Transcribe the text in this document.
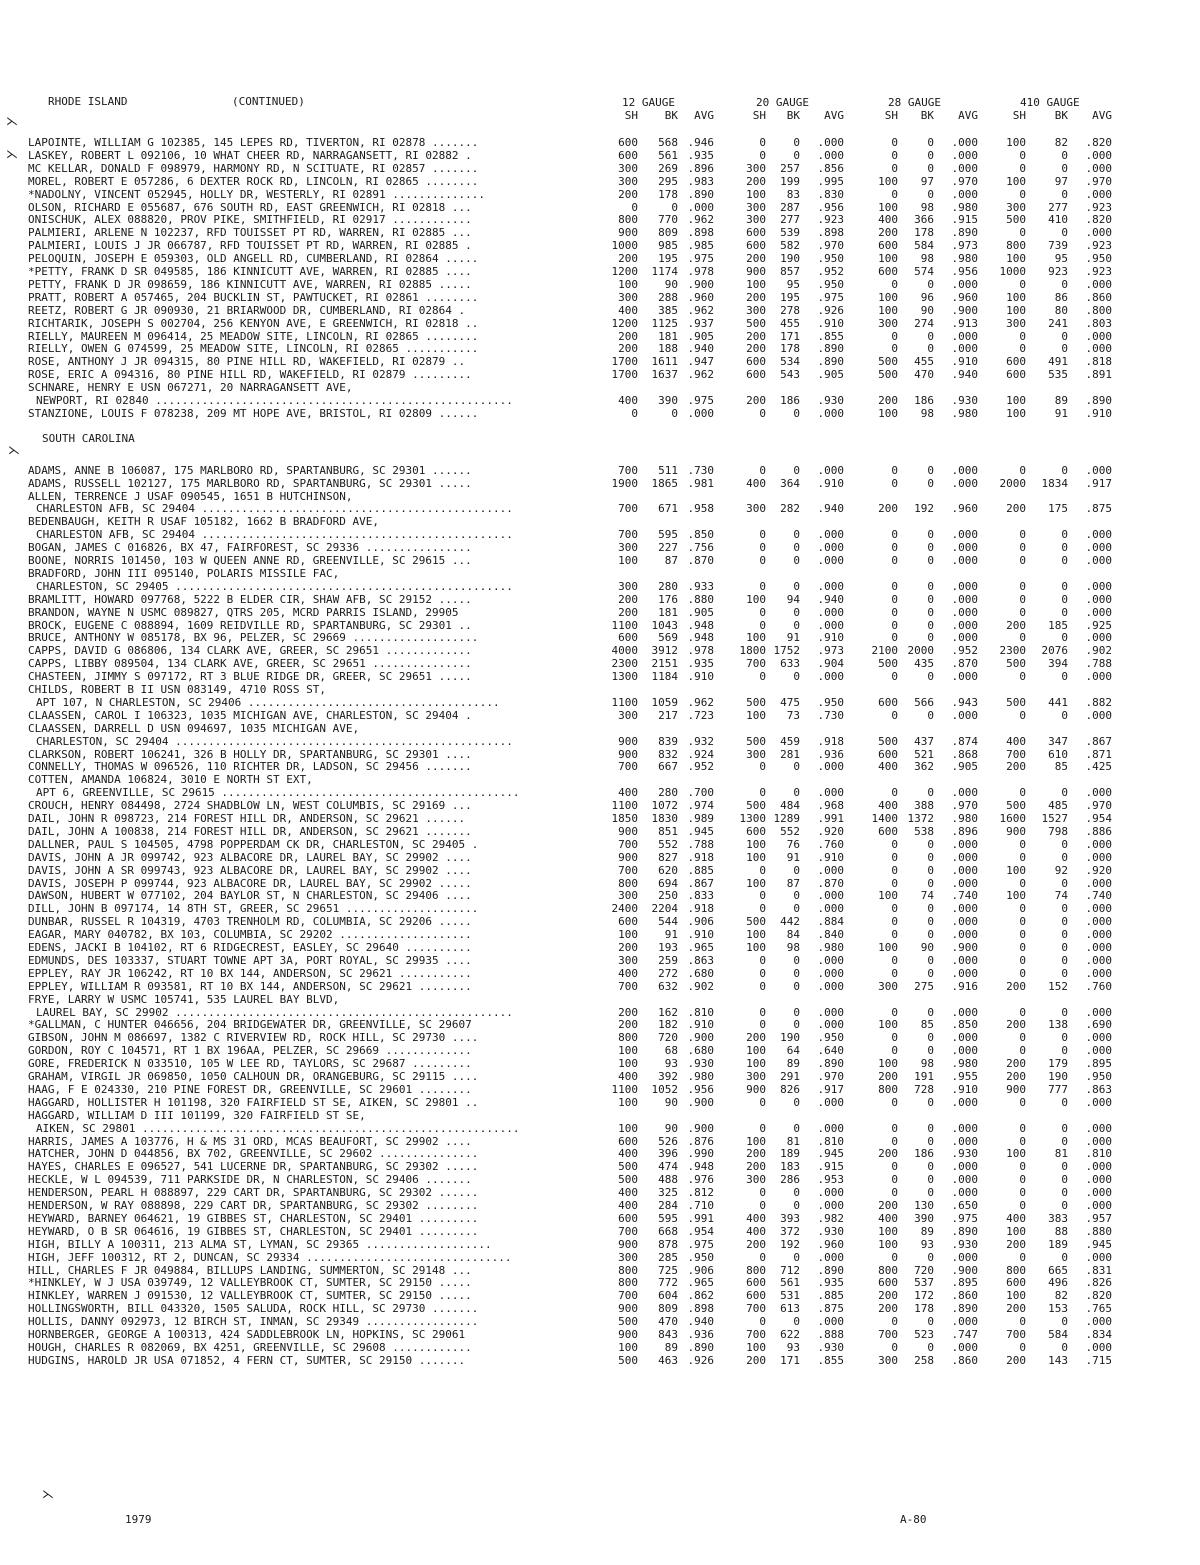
RHODE ISLAND	(CONTINUED)	12 GAUGE	20 GAUGE	28 GAUGE	410 GAUGE
SH	BK	AVG	SH	BK	AVG	SH	BK	AVG	SH	BK	AVG
LAPOINTE, WILLIAM G 102385, 145 LEPES RD, TIVERTON, RI 02878 .......	600	568 .946	0	0	.000	0	0	.000	100	82	.820
LASKEY, ROBERT L 092106, 10 WHAT CHEER RD, NARRAGANSETT, RI 02882 .	600	561 .935	0	0	.000	0	0	.000	0	0	.000
MC KELLAR, DONALD F 098979, HARMONY RD, N SCITUATE, RI 02857 .......	300	269 .896	300	257	.856	0	0	.000	0	0	.000
MOREL, ROBERT E 057286, 6 DEXTER ROCK RD, LINCOLN, RI 02865 ........	300	295 .983	200	199	.995	100	97	.970	100	97	.970
*NADOLNY, VINCENT 052945, HOLLY DR, WESTERLY, RI 02891 ..............	200	178 .890	100	83	.830	0	0	.000	0	0	.000
OLSON, RICHARD E 055687, 676 SOUTH RD, EAST GREENWICH, RI 02818 ...	0	0 .000	300	287	.956	100	98	.980	300	277	.923
ONISCHUK, ALEX 088820, PROV PIKE, SMITHFIELD, RI 02917 ............	800	770 .962	300	277	.923	400	366	.915	500	410	.820
PALMIERI, ARLENE N 102237, RFD TOUISSET PT RD, WARREN, RI 02885 ...	900	809 .898	600	539	.898	200	178	.890	0	0	.000
PALMIERI, LOUIS J JR 066787, RFD TOUISSET PT RD, WARREN, RI 02885 .	1000	985 .985	600	582	.970	600	584	.973	800	739	.923
PELOQUIN, JOSEPH E 059303, OLD ANGELL RD, CUMBERLAND, RI 02864 .....	200	195 .975	200	190	.950	100	98	.980	100	95	.950
*PETTY, FRANK D SR 049585, 186 KINNICUTT AVE, WARREN, RI 02885 ....	1200	1174 .978	900	857	.952	600	574	.956	1000	923	.923
PETTY, FRANK D JR 098659, 186 KINNICUTT AVE, WARREN, RI 02885 .....	100	90 .900	100	95	.950	0	0	.000	0	0	.000
PRATT, ROBERT A 057465, 204 BUCKLIN ST, PAWTUCKET, RI 02861 ........	300	288 .960	200	195	.975	100	96	.960	100	86	.860
REETZ, ROBERT G JR 090930, 21 BRIARWOOD DR, CUMBERLAND, RI 02864 .	400	385 .962	300	278	.926	100	90	.900	100	80	.800
RICHTARIK, JOSEPH S 002704, 256 KENYON AVE, E GREENWICH, RI 02818 ..	1200	1125 .937	500	455	.910	300	274	.913	300	241	.803
RIELLY, MAUREEN M 096414, 25 MEADOW SITE, LINCOLN, RI 02865 ........	200	181 .905	200	171	.855	0	0	.000	0	0	.000
RIELLY, OWEN G 074599, 25 MEADOW SITE, LINCOLN, RI 02865 ...........	200	188 .940	200	178	.890	0	0	.000	0	0	.000
ROSE, ANTHONY J JR 094315, 80 PINE HILL RD, WAKEFIELD, RI 02879 ..	1700	1611 .947	600	534	.890	500	455	.910	600	491	.818
ROSE, ERIC A 094316, 80 PINE HILL RD, WAKEFIELD, RI 02879 .........	1700	1637 .962	600	543	.905	500	470	.940	600	535	.891
SCHNARE, HENRY E USN 067271, 20 NARRAGANSETT AVE,
NEWPORT, RI 02840 ......................................................	400	390 .975	200	186	.930	200	186	.930	100	89	.890
STANZIONE, LOUIS F 078238, 209 MT HOPE AVE, BRISTOL, RI 02809 ......	0	0 .000	0	0	.000	100	98	.980	100	91	.910
SOUTH CAROLINA
ADAMS, ANNE B 106087, 175 MARLBORO RD, SPARTANBURG, SC 29301 ......	700	511 .730	0	0	.000	0	0	.000	0	0	.000
ADAMS, RUSSELL 102127, 175 MARLBORO RD, SPARTANBURG, SC 29301 .....	1900	1865 .981	400	364	.910	0	0	.000	2000	1834	.917
ALLEN, TERRENCE J USAF 090545, 1651 B HUTCHINSON,
CHARLESTON AFB, SC 29404 ...............................................	700	671 .958	300	282	.940	200	192	.960	200	175	.875
BEDENBAUGH, KEITH R USAF 105182, 1662 B BRADFORD AVE,
CHARLESTON AFB, SC 29404 ...............................................	700	595 .850	0	0	.000	0	0	.000	0	0	.000
BOGAN, JAMES C 016826, BX 47, FAIRFOREST, SC 29336 ................	300	227 .756	0	0	.000	0	0	.000	0	0	.000
BOONE, NORRIS 101450, 103 W QUEEN ANNE RD, GREENVILLE, SC 29615 ...	100	87 .870	0	0	.000	0	0	.000	0	0	.000
BRADFORD, JOHN III 095140, POLARIS MISSILE FAC,
CHARLESTON, SC 29405 ...................................................	300	280 .933	0	0	.000	0	0	.000	0	0	.000
BRAMLITT, HOWARD 097768, 5222 B ELDER CIR, SHAW AFB, SC 29152 .....	200	176 .880	100	94	.940	0	0	.000	0	0	.000
BRANDON, WAYNE N USMC 089827, QTRS 205, MCRD PARRIS ISLAND, 29905	200	181 .905	0	0	.000	0	0	.000	0	0	.000
BROCK, EUGENE C 088894, 1609 REIDVILLE RD, SPARTANBURG, SC 29301 ..	1100	1043 .948	0	0	.000	0	0	.000	200	185	.925
BRUCE, ANTHONY W 085178, BX 96, PELZER, SC 29669 ...................	600	569 .948	100	91	.910	0	0	.000	0	0	.000
CAPPS, DAVID G 086806, 134 CLARK AVE, GREER, SC 29651 .............	4000	3912 .978	1800 1752	.973	2100 2000	.952	2300	2076	.902
CAPPS, LIBBY 089504, 134 CLARK AVE, GREER, SC 29651 ...............	2300	2151 .935	700	633	.904	500	435	.870	500	394	.788
CHASTEEN, JIMMY S 097172, RT 3 BLUE RIDGE DR, GREER, SC 29651 .....	1300	1184 .910	0	0	.000	0	0	.000	0	0	.000
CHILDS, ROBERT B II USN 083149, 4710 ROSS ST,
APT 107, N CHARLESTON, SC 29406 ......................................	1100	1059 .962	500	475	.950	600	566	.943	500	441	.882
CLAASSEN, CAROL I 106323, 1035 MICHIGAN AVE, CHARLESTON, SC 29404 .	300	217 .723	100	73	.730	0	0	.000	0	0	.000
CLAASSEN, DARRELL D USN 094697, 1035 MICHIGAN AVE,
CHARLESTON, SC 29404 ...................................................	900	839 .932	500	459	.918	500	437	.874	400	347	.867
CLARKSON, ROBERT 106241, 326 B HOLLY DR, SPARTANBURG, SC 29301 ....	900	832 .924	300	281	.936	600	521	.868	700	610	.871
CONNELLY, THOMAS W 096526, 110 RICHTER DR, LADSON, SC 29456 .......	700	667 .952	0	0	.000	400	362	.905	200	85	.425
COTTEN, AMANDA 106824, 3010 E NORTH ST EXT,
APT 6, GREENVILLE, SC 29615 .............................................	400	280 .700	0	0	.000	0	0	.000	0	0	.000
CROUCH, HENRY 084498, 2724 SHADBLOW LN, WEST COLUMBIS, SC 29169 ...	1100	1072 .974	500	484	.968	400	388	.970	500	485	.970
DAIL, JOHN R 098723, 214 FOREST HILL DR, ANDERSON, SC 29621 ......	1850	1830 .989	1300 1289	.991	1400 1372	.980	1600	1527	.954
DAIL, JOHN A 100838, 214 FOREST HILL DR, ANDERSON, SC 29621 .......	900	851 .945	600	552	.920	600	538	.896	900	798	.886
DALLNER, PAUL S 104505, 4798 POPPERDAM CK DR, CHARLESTON, SC 29405 .	700	552 .788	100	76	.760	0	0	.000	0	0	.000
DAVIS, JOHN A JR 099742, 923 ALBACORE DR, LAUREL BAY, SC 29902 ....	900	827 .918	100	91	.910	0	0	.000	0	0	.000
DAVIS, JOHN A SR 099743, 923 ALBACORE DR, LAUREL BAY, SC 29902 ....	700	620 .885	0	0	.000	0	0	.000	100	92	.920
DAVIS, JOSEPH P 099744, 923 ALBACORE DR, LAUREL BAY, SC 29902 .....	800	694 .867	100	87	.870	0	0	.000	0	0	.000
DAWSON, HUBERT W 077102, 204 BAYLOR ST, N CHARLESTON, SC 29406 ....	300	250 .833	0	0	.000	100	74	.740	100	74	.740
DILL, JOHN B 097174, 14 8TH ST, GREER, SC 29651 ....................	2400	2204 .918	0	0	.000	0	0	.000	0	0	.000
DUNBAR, RUSSEL R 104319, 4703 TRENHOLM RD, COLUMBIA, SC 29206 .....	600	544 .906	500	442	.884	0	0	.000	0	0	.000
EAGAR, MARY 040782, BX 103, COLUMBIA, SC 29202 ....................	100	91 .910	100	84	.840	0	0	.000	0	0	.000
EDENS, JACKI B 104102, RT 6 RIDGECREST, EASLEY, SC 29640 ..........	200	193 .965	100	98	.980	100	90	.900	0	0	.000
EDMUNDS, DES 103337, STUART TOWNE APT 3A, PORT ROYAL, SC 29935 ....	300	259 .863	0	0	.000	0	0	.000	0	0	.000
EPPLEY, RAY JR 106242, RT 10 BX 144, ANDERSON, SC 29621 ...........	400	272 .680	0	0	.000	0	0	.000	0	0	.000
EPPLEY, WILLIAM R 093581, RT 10 BX 144, ANDERSON, SC 29621 ........	700	632 .902	0	0	.000	300	275	.916	200	152	.760
FRYE, LARRY W USMC 105741, 535 LAUREL BAY BLVD,
LAUREL BAY, SC 29902 ...................................................	200	162 .810	0	0	.000	0	0	.000	0	0	.000
*GALLMAN, C HUNTER 046656, 204 BRIDGEWATER DR, GREENVILLE, SC 29607	200	182 .910	0	0	.000	100	85	.850	200	138	.690
GIBSON, JOHN M 086697, 1382 C RIVERVIEW RD, ROCK HILL, SC 29730 ....	800	720 .900	200	190	.950	0	0	.000	0	0	.000
GORDON, ROY C 104571, RT 1 BX 196AA, PELZER, SC 29669 .............	100	68 .680	100	64	.640	0	0	.000	0	0	.000
GORE, FREDERICK N 033510, 105 W LEE RD, TAYLORS, SC 29687 .........	100	93 .930	100	89	.890	100	98	.980	200	179	.895
GRAHAM, VIRGIL JR 069850, 1050 CALHOUN DR, ORANGEBURG, SC 29115 ....	400	392 .980	300	291	.970	200	191	.955	200	190	.950
HAAG, F E 024330, 210 PINE FOREST DR, GREENVILLE, SC 29601 ........	1100	1052 .956	900	826	.917	800	728	.910	900	777	.863
HAGGARD, HOLLISTER H 101198, 320 FAIRFIELD ST SE, AIKEN, SC 29801 ..	100	90 .900	0	0	.000	0	0	.000	0	0	.000
HAGGARD, WILLIAM D III 101199, 320 FAIRFIELD ST SE,
AIKEN, SC 29801 .........................................................	100	90 .900	0	0	.000	0	0	.000	0	0	.000
HARRIS, JAMES A 103776, H & MS 31 ORD, MCAS BEAUFORT, SC 29902 ....	600	526 .876	100	81	.810	0	0	.000	0	0	.000
HATCHER, JOHN D 044856, BX 702, GREENVILLE, SC 29602 ...............	400	396 .990	200	189	.945	200	186	.930	100	81	.810
HAYES, CHARLES E 096527, 541 LUCERNE DR, SPARTANBURG, SC 29302 .....	500	474 .948	200	183	.915	0	0	.000	0	0	.000
HECKLE, W L 094539, 711 PARKSIDE DR, N CHARLESTON, SC 29406 .......	500	488 .976	300	286	.953	0	0	.000	0	0	.000
HENDERSON, PEARL H 088897, 229 CART DR, SPARTANBURG, SC 29302 ......	400	325 .812	0	0	.000	0	0	.000	0	0	.000
HENDERSON, W RAY 088898, 229 CART DR, SPARTANBURG, SC 29302 ........	400	284 .710	0	0	.000	200	130	.650	0	0	.000
HEYWARD, BARNEY 064621, 19 GIBBES ST, CHARLESTON, SC 29401 .........	600	595 .991	400	393	.982	400	390	.975	400	383	.957
HEYWARD, O B SR 064616, 19 GIBBES ST, CHARLESTON, SC 29401 .........	700	668 .954	400	372	.930	100	89	.890	100	88	.880
HIGH, BILLY A 100311, 213 ALMA ST, LYMAN, SC 29365 ...................	900	878 .975	200	192	.960	100	93	.930	200	189	.945
HIGH, JEFF 100312, RT 2, DUNCAN, SC 29334 ...............................	300	285 .950	0	0	.000	0	0	.000	0	0	.000
HILL, CHARLES F JR 049884, BILLUPS LANDING, SUMMERTON, SC 29148 ...	800	725 .906	800	712	.890	800	720	.900	800	665	.831
*HINKLEY, W J USA 039749, 12 VALLEYBROOK CT, SUMTER, SC 29150 .....	800	772 .965	600	561	.935	600	537	.895	600	496	.826
HINKLEY, WARREN J 091530, 12 VALLEYBROOK CT, SUMTER, SC 29150 .....	700	604 .862	600	531	.885	200	172	.860	100	82	.820
HOLLINGSWORTH, BILL 043320, 1505 SALUDA, ROCK HILL, SC 29730 .......	900	809 .898	700	613	.875	200	178	.890	200	153	.765
HOLLIS, DANNY 092973, 12 BIRCH ST, INMAN, SC 29349 .................	500	470 .940	0	0	.000	0	0	.000	0	0	.000
HORNBERGER, GEORGE A 100313, 424 SADDLEBROOK LN, HOPKINS, SC 29061	900	843 .936	700	622	.888	700	523	.747	700	584	.834
HOUGH, CHARLES R 082069, BX 4251, GREENVILLE, SC 29608 ............	100	89 .890	100	93	.930	0	0	.000	0	0	.000
HUDGINS, HAROLD JR USA 071852, 4 FERN CT, SUMTER, SC 29150 .......	500	463 .926	200	171	.855	300	258	.860	200	143	.715
1979	A-80
⋋
⋋
⋋
⋋
